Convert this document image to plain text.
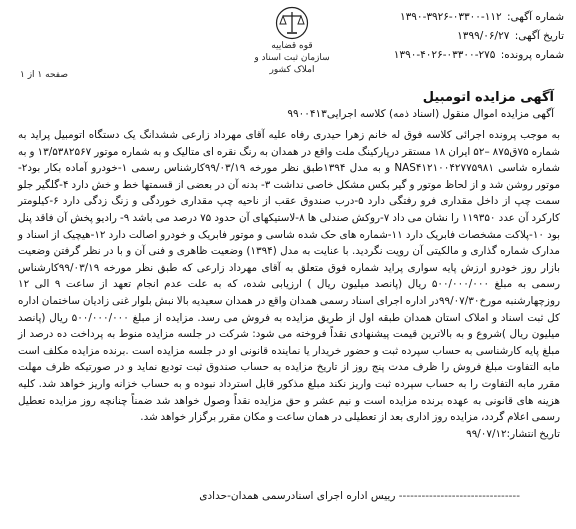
شماره آگهی: ۱۳۹۰-۳۹۲۶-۰۳۳۰۰-۱۱۲
تاریخ آگهی: ۱۳۹۹/۰۶/۲۷
شماره پرونده: ۱۳۹۰-۴۰۲۶-۰۳۳۰۰-۲۷۵
قوه قضاییه
سازمان ثبت اسناد و املاک کشور
صفحه ۱ از ۱
آگهی مزایده اتومبیل
آگهی مزایده اموال منقول (اسناد ذمه) کلاسه اجرایی۹۹۰۰۴۱۳

به موجب پرونده اجرائی کلاسه فوق له خانم زهرا حیدری رفاه علیه آقای مهرداد زارعی ششدانگ یک دستگاه اتومبیل پراید به شماره ۷۵ق۸۷۵ –۵۲ ایران ۱۸ مستقر درپارکینگ ملت واقع در همدان به رنگ نقره ای متالیک و به شماره موتور ۱۳/۵۳۸۲۵۶۷ و به شماره شاسی NAS۴۱۲۱۰۰۴۲۷۷۵۹۸۱ و به مدل ۱۳۹۴طبق نظر مورخه ۹۹/۰۳/۱۹کارشناس رسمی ۱-خودرو آماده بکار بود۲-موتور روشن شد و از لحاظ موتور و گیر بکس مشکل خاصی نداشت ۳- بدنه آن در بعضی از قسمتها خط و خش دارد ۴-گلگیر جلو سمت چپ از داخل مقداری فرو رفتگی دارد ۵-درب صندوق عقب از ناحیه چپ مقداری خوردگی و زنگ زدگی دارد ۶-کیلومتر کارکرد آن عدد ۱۱۹۳۵۰ را نشان می داد ۷-روکش صندلی ها ۸-لاستیکهای آن حدود ۷۵ درصد می باشد ۹- رادیو پخش آن فاقد پنل بود ۱۰-پلاکت مشخصات فابریک دارد ۱۱-شماره های حک شده شاسی و موتور فابریک و خودرو اصالت دارد ۱۲-هیچیک از اسناد و مدارک شماره گذاری و مالکیتی آن رویت نگردید. با عنایت به مدل (۱۳۹۴) وضعیت ظاهری و فنی آن و با در نظر گرفتن وضعیت بازار روز خودرو ارزش پایه سواری پراید شماره فوق متعلق به آقای مهرداد زارعی که طبق نظر مورخه ۹۹/۰۳/۱۹کارشناس رسمی به مبلغ ۵۰۰/۰۰۰/۰۰۰ ریال (پانصد میلیون ریال ) ارزیابی شده، که به علت عدم انجام تعهد از ساعت ۹ الی ۱۲ روزچهارشنبه مورخ۹۹/۰۷/۳۰در اداره اجرای اسناد رسمی همدان واقع در همدان سعیدیه بالا نبش بلوار غنی زادیان ساختمان اداره کل ثبت اسناد و املاک استان همدان طبقه اول از طریق مزایده به فروش می رسد. مزایده از مبلغ ۵۰۰/۰۰۰/۰۰۰ ریال (پانصد میلیون ریال )شروع و به بالاترین قیمت پیشنهادی نقداً فروخته می شود: شرکت در جلسه مزایده منوط به پرداخت ده درصد از مبلغ پایه کارشناسی به حساب سپرده ثبت و حضور خریدار یا نماینده قانونی او در جلسه مزایده است .برنده مزایده مکلف است مابه التفاوت مبلغ فروش را ظرف مدت پنج روز از تاریخ مزایده به حساب صندوق ثبت تودیع نماید و در صورتیکه ظرف مهلت مقرر مابه التفاوت را به حساب سپرده ثبت واریز نکند مبلغ مذکور قابل استرداد نبوده و به حساب خزانه واریز خواهد شد. کلیه هزینه های قانونی به عهده برنده مزایده است و نیم عشر و حق مزایده نقداً وصول خواهد شد ضمناً چنانچه روز مزایده تعطیل رسمی اعلام گردد، مزایده روز اداری بعد از تعطیلی در همان ساعت و مکان مقرر برگزار خواهد شد.

تاریخ انتشار:۹۹/۰۷/۱۲

‐‐‐‐‐‐‐‐‐‐‐‐‐‐‐‐‐‐‐‐‐‐‐‐‐‐‐‐‐‐‐‐ رییس اداره اجرای اسنادرسمی همدان-حدادی
